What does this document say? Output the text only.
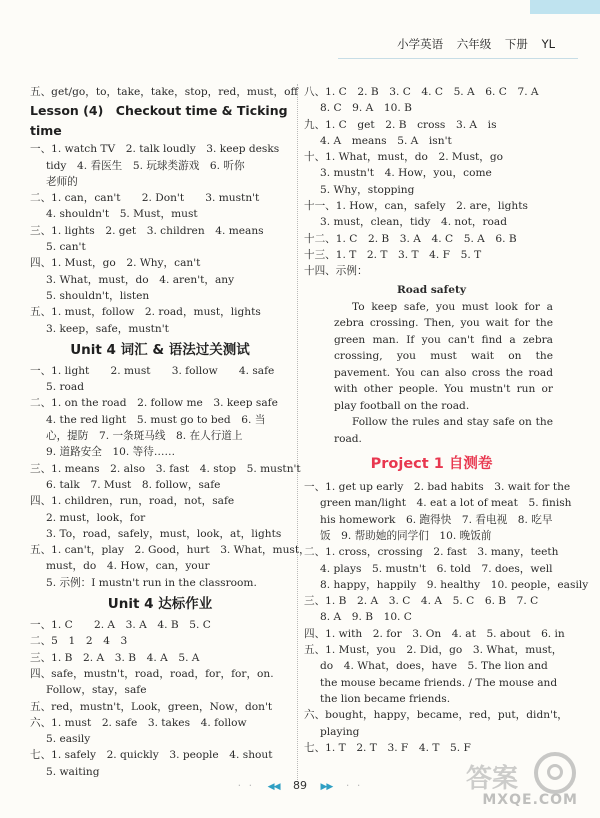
小学英语 六年级 下册 YL
五、get/go，to，take，take，stop，red，must，off
Lesson (4)　Checkout time & Ticking time
一、1. watch TV　2. talk loudly　3. keep desks
tidy　4. 看医生　5. 玩球类游戏　6. 听你
老师的
二、1. can，can't　　2. Don't　　3. mustn't
4. shouldn't　5. Must，must
三、1. lights　2. get　3. children　4. means
5. can't
四、1. Must，go　2. Why，can't
3. What，must，do　4. aren't，any
5. shouldn't，listen
五、1. must，follow　2. road，must，lights
3. keep，safe，mustn't
Unit 4 词汇 & 语法过关测试
一、1. light　　2. must　　3. follow　　4. safe
5. road
二、1. on the road　2. follow me　3. keep safe
4. the red light　5. must go to bed　6. 当
心，提防　7. 一条斑马线　8. 在人行道上
9. 道路安全　10. 等待……
三、1. means　2. also　3. fast　4. stop　5. mustn't
6. talk　7. Must　8. follow，safe
四、1. children，run，road，not，safe
2. must，look，for
3. To，road，safely，must，look，at，lights
五、1. can't，play　2. Good，hurt　3. What，must，
must，do　4. How，can，your
5. 示例：I mustn't run in the classroom.
Unit 4 达标作业
一、1. C　　2. A　3. A　4. B　5. C
二、5　1　2　4　3
三、1. B　2. A　3. B　4. A　5. A
四、safe，mustn't，road，road，for，for，on.
Follow，stay，safe
五、red，mustn't，Look，green，Now，don't
六、1. must　2. safe　3. takes　4. follow
5. easily
七、1. safely　2. quickly　3. people　4. shout
5. waiting
八、1. C　2. B　3. C　4. C　5. A　6. C　7. A
8. C　9. A　10. B
九、1. C　get　2. B　cross　3. A　is
4. A　means　5. A　isn't
十、1. What，must，do　2. Must，go
3. mustn't　4. How，you，come
5. Why，stopping
十一、1. How，can，safely　2. are，lights
3. must，clean，tidy　4. not，road
十二、1. C　2. B　3. A　4. C　5. A　6. B
十三、1. T　2. T　3. T　4. F　5. T
十四、示例：
Road safety
To keep safe, you must look for a zebra crossing. Then, you wait for the green man. If you can't find a zebra crossing, you must wait on the pavement. You can also cross the road with other people. You mustn't run or play football on the road.
Follow the rules and stay safe on the road.
Project 1 自测卷
一、1. get up early　2. bad habits　3. wait for the
green man/light　4. eat a lot of meat　5. finish
his homework　6. 跑得快　7. 看电视　8. 吃早
饭　9. 帮助她的同学们　10. 晚饭前
二、1. cross，crossing　2. fast　3. many，teeth
4. plays　5. mustn't　6. told　7. does，well
8. happy，happily　9. healthy　10. people，easily
三、1. B　2. A　3. C　4. A　5. C　6. B　7. C
8. A　9. B　10. C
四、1. with　2. for　3. On　4. at　5. about　6. in
五、1. Must，you　2. Did，go　3. What，must，
do　4. What，does，have　5. The lion and
the mouse became friends. / The mouse and
the lion became friends.
六、bought，happy，became，red，put，didn't，
playing
七、1. T　2. T　3. F　4. T　5. F
· · ◀◀ 89 ▶▶ · ·	答案
MXQE.COM
